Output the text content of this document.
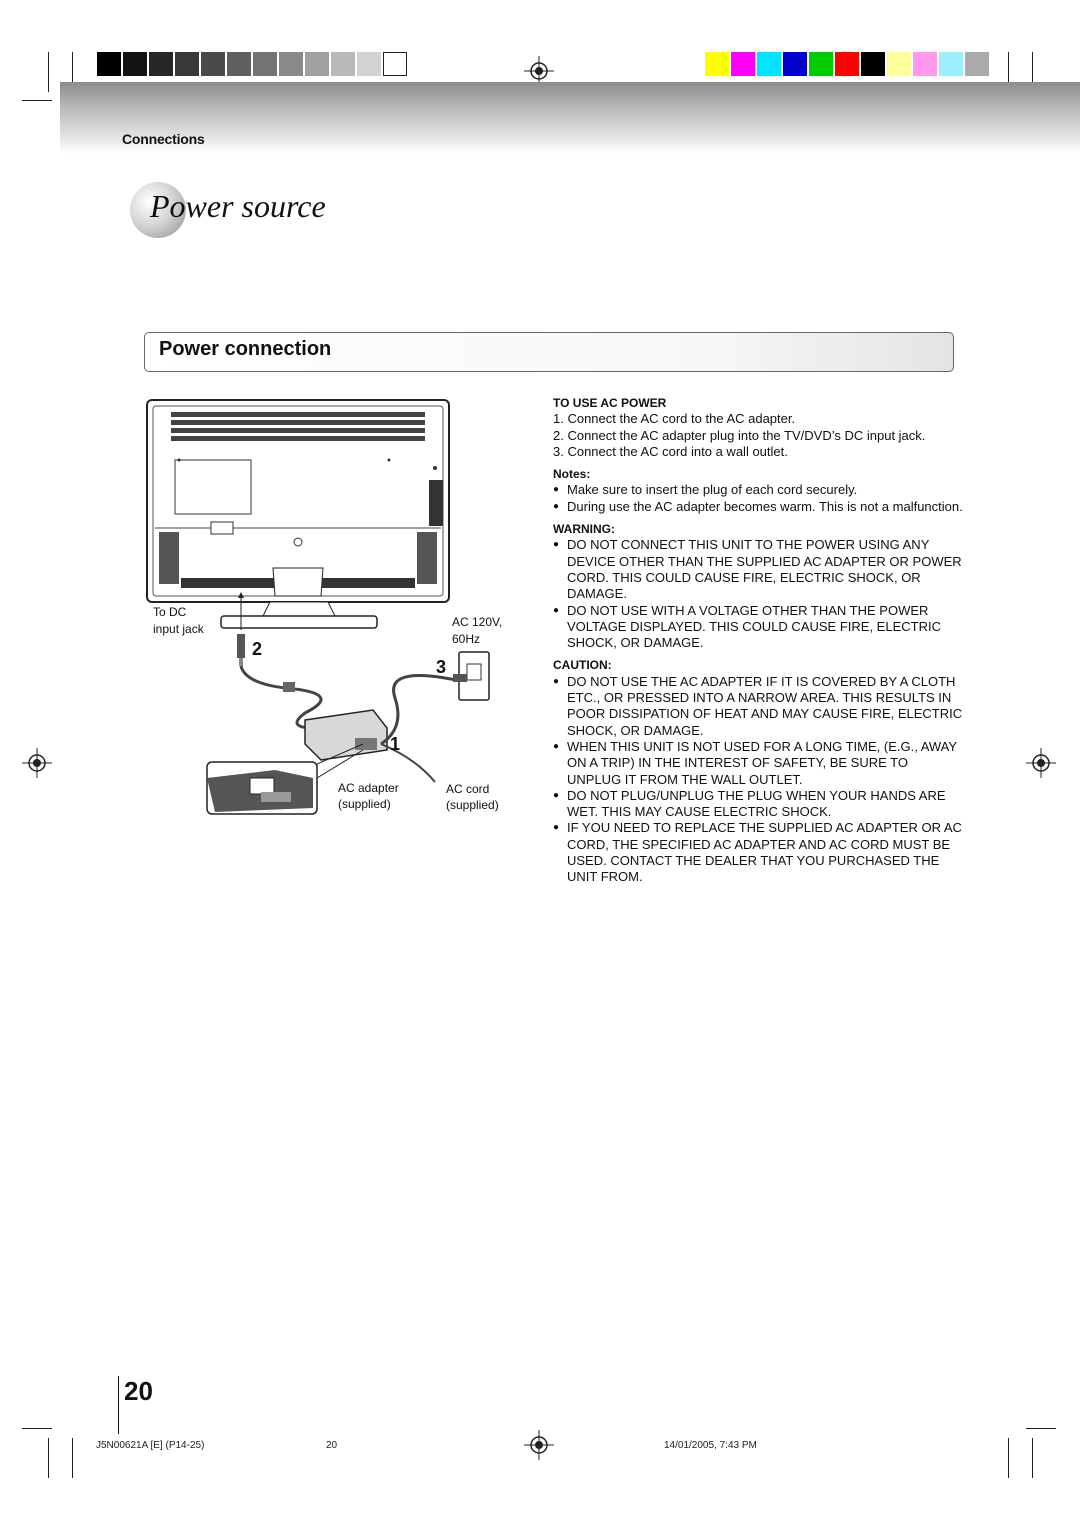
Connections
Power source
Power connection
To DC
input jack	AC 120V,
60Hz
AC adapter
(supplied)
AC cord
(supplied)
2
3
1

TO USE AC POWER

1. Connect the AC cord to the AC adapter.

2. Connect the AC adapter plug into the TV/DVD’s DC input jack.

3. Connect the AC cord into a wall outlet.

Notes:

● Make sure to insert the plug of each cord securely.
● During use the AC adapter becomes warm. This is not a malfunction.

WARNING:

● DO NOT CONNECT THIS UNIT TO THE POWER USING ANY DEVICE OTHER THAN THE SUPPLIED AC ADAPTER OR POWER CORD. THIS COULD CAUSE FIRE, ELECTRIC SHOCK, OR DAMAGE.
● DO NOT USE WITH A VOLTAGE OTHER THAN THE POWER VOLTAGE DISPLAYED. THIS COULD CAUSE FIRE, ELECTRIC SHOCK, OR DAMAGE.

CAUTION:

● DO NOT USE THE AC ADAPTER IF IT IS COVERED BY A CLOTH ETC., OR PRESSED INTO A NARROW AREA. THIS RESULTS IN POOR DISSIPATION OF HEAT AND MAY CAUSE FIRE, ELECTRIC SHOCK, OR DAMAGE.
● WHEN THIS UNIT IS NOT USED FOR A LONG TIME, (E.G., AWAY ON A TRIP) IN THE INTEREST OF SAFETY, BE SURE TO UNPLUG IT FROM THE WALL OUTLET.
● DO NOT PLUG/UNPLUG THE PLUG WHEN YOUR HANDS ARE WET. THIS MAY CAUSE ELECTRIC SHOCK.
● IF YOU NEED TO REPLACE THE SUPPLIED AC ADAPTER OR AC CORD, THE SPECIFIED AC ADAPTER AND AC CORD MUST BE USED. CONTACT THE DEALER THAT YOU PURCHASED THE UNIT FROM.
20
J5N00621A [E] (P14-25)	20	14/01/2005, 7:43 PM
